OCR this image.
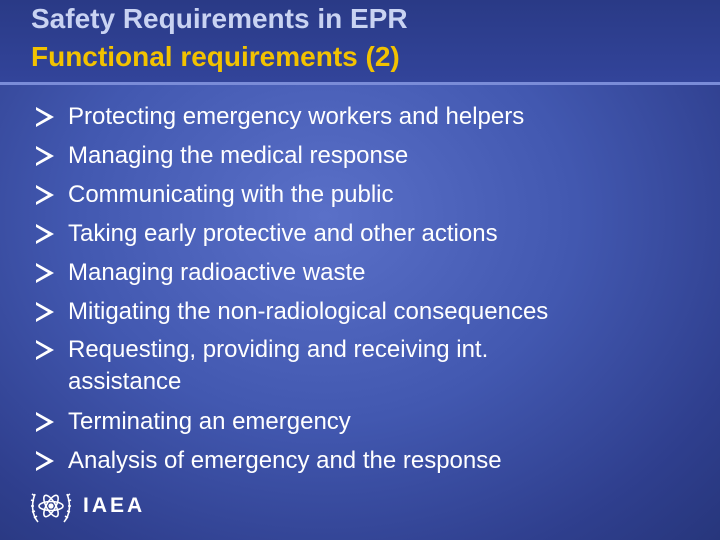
Safety Requirements in EPR
Functional requirements (2)
Protecting emergency workers and helpers
Managing the medical response
Communicating with the public
Taking early protective and other actions
Managing radioactive waste
Mitigating the non-radiological consequences
Requesting, providing and receiving int. assistance
Terminating an emergency
Analysis of emergency and the response
IAEA
